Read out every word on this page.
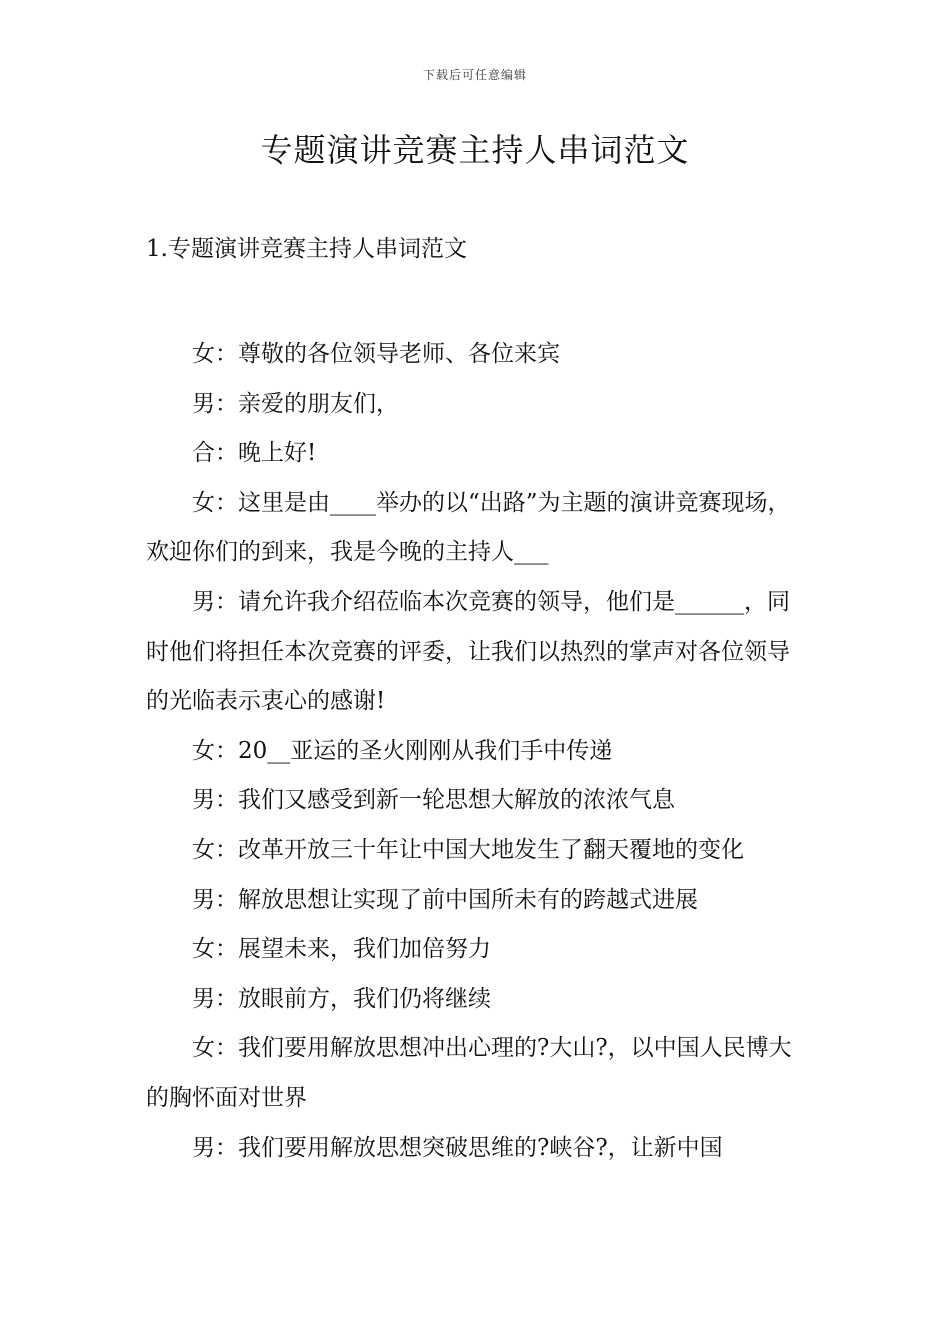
下载后可任意编辑
专题演讲竞赛主持人串词范文
1.专题演讲竞赛主持人串词范文

女：尊敬的各位领导老师、各位来宾

男：亲爱的朋友们，

合：晚上好!

女：这里是由____举办的以“出路”为主题的演讲竞赛现场，欢迎你们的到来，我是今晚的主持人___

男：请允许我介绍莅临本次竞赛的领导，他们是______，同时他们将担任本次竞赛的评委，让我们以热烈的掌声对各位领导的光临表示衷心的感谢!

女：20__亚运的圣火刚刚从我们手中传递

男：我们又感受到新一轮思想大解放的浓浓气息

女：改革开放三十年让中国大地发生了翻天覆地的变化

男：解放思想让实现了前中国所未有的跨越式进展

女：展望未来，我们加倍努力

男：放眼前方，我们仍将继续

女：我们要用解放思想冲出心理的?大山?，以中国人民博大的胸怀面对世界

男：我们要用解放思想突破思维的?峡谷?，让新中国
